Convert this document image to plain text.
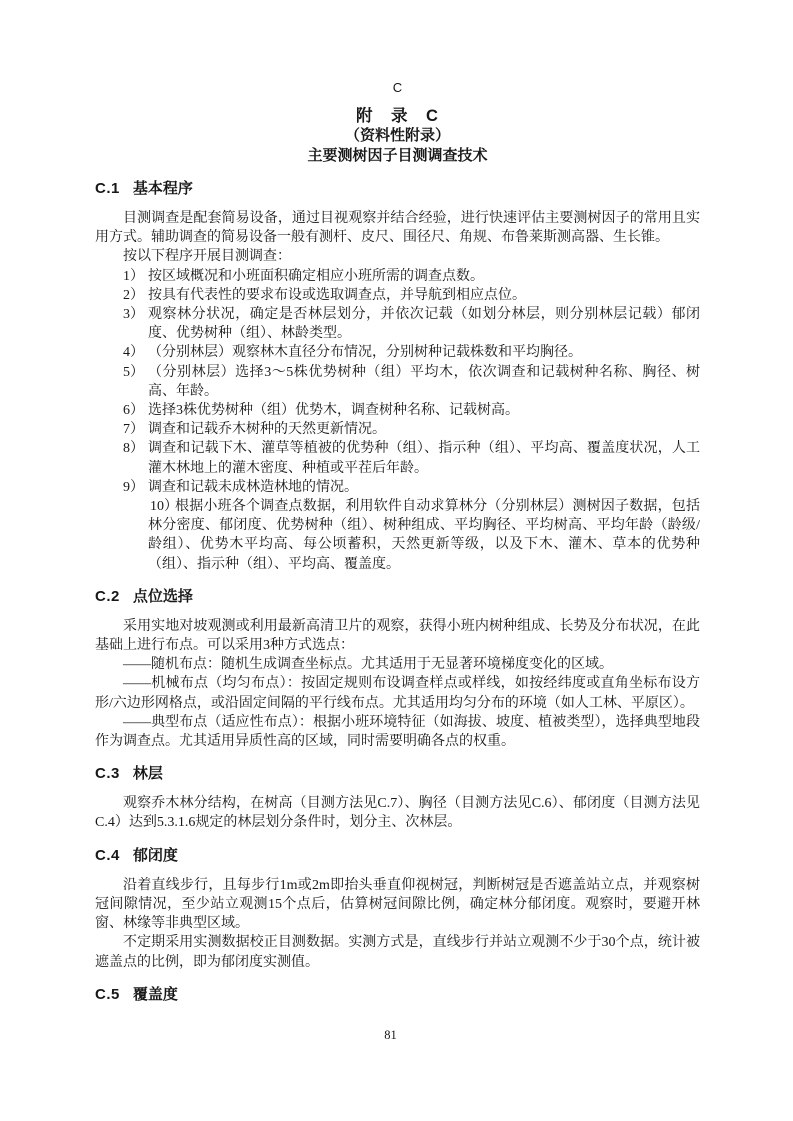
C
附　录　C
（资料性附录）
主要测树因子目测调查技术
C.1 基本程序

目测调查是配套简易设备，通过目视观察并结合经验，进行快速评估主要测树因子的常用且实用方式。辅助调查的简易设备一般有测杆、皮尺、围径尺、角规、布鲁莱斯测高器、生长锥。

按以下程序开展目测调查：

1） 按区域概况和小班面积确定相应小班所需的调查点数。
2） 按具有代表性的要求布设或选取调查点，并导航到相应点位。
3） 观察林分状况，确定是否林层划分，并依次记载（如划分林层，则分别林层记载）郁闭度、优势树种（组）、林龄类型。
4） （分别林层）观察林木直径分布情况，分别树种记载株数和平均胸径。
5） （分别林层）选择3～5株优势树种（组）平均木，依次调查和记载树种名称、胸径、树高、年龄。
6） 选择3株优势树种（组）优势木，调查树种名称、记载树高。
7） 调查和记载乔木树种的天然更新情况。
8） 调查和记载下木、灌草等植被的优势种（组）、指示种（组）、平均高、覆盖度状况，人工灌木林地上的灌木密度、种植或平茬后年龄。
9） 调查和记载未成林造林地的情况。
10）
根据小班各个调查点数据，利用软件自动求算林分（分别林层）测树因子数据，包括林分密度、郁闭度、优势树种（组）、树种组成、平均胸径、平均树高、平均年龄（龄级/龄组）、优势木平均高、每公顷蓄积，天然更新等级，以及下木、灌木、草本的优势种（组）、指示种（组）、平均高、覆盖度。
C.2 点位选择

采用实地对坡观测或利用最新高清卫片的观察，获得小班内树种组成、长势及分布状况，在此基础上进行布点。可以采用3种方式选点：

——随机布点：随机生成调查坐标点。尤其适用于无显著环境梯度变化的区域。

——机械布点（均匀布点）：按固定规则布设调查样点或样线，如按经纬度或直角坐标布设方形/六边形网格点，或沿固定间隔的平行线布点。尤其适用均匀分布的环境（如人工林、平原区）。

——典型布点（适应性布点）：根据小班环境特征（如海拔、坡度、植被类型），选择典型地段作为调查点。尤其适用异质性高的区域，同时需要明确各点的权重。

C.3 林层

观察乔木林分结构，在树高（目测方法见C.7）、胸径（目测方法见C.6）、郁闭度（目测方法见C.4）达到5.3.1.6规定的林层划分条件时，划分主、次林层。

C.4 郁闭度

沿着直线步行，且每步行1m或2m即抬头垂直仰视树冠，判断树冠是否遮盖站立点，并观察树冠间隙情况，至少站立观测15个点后，估算树冠间隙比例，确定林分郁闭度。观察时，要避开林窗、林缘等非典型区域。

不定期采用实测数据校正目测数据。实测方式是，直线步行并站立观测不少于30个点，统计被遮盖点的比例，即为郁闭度实测值。

C.5 覆盖度
81
